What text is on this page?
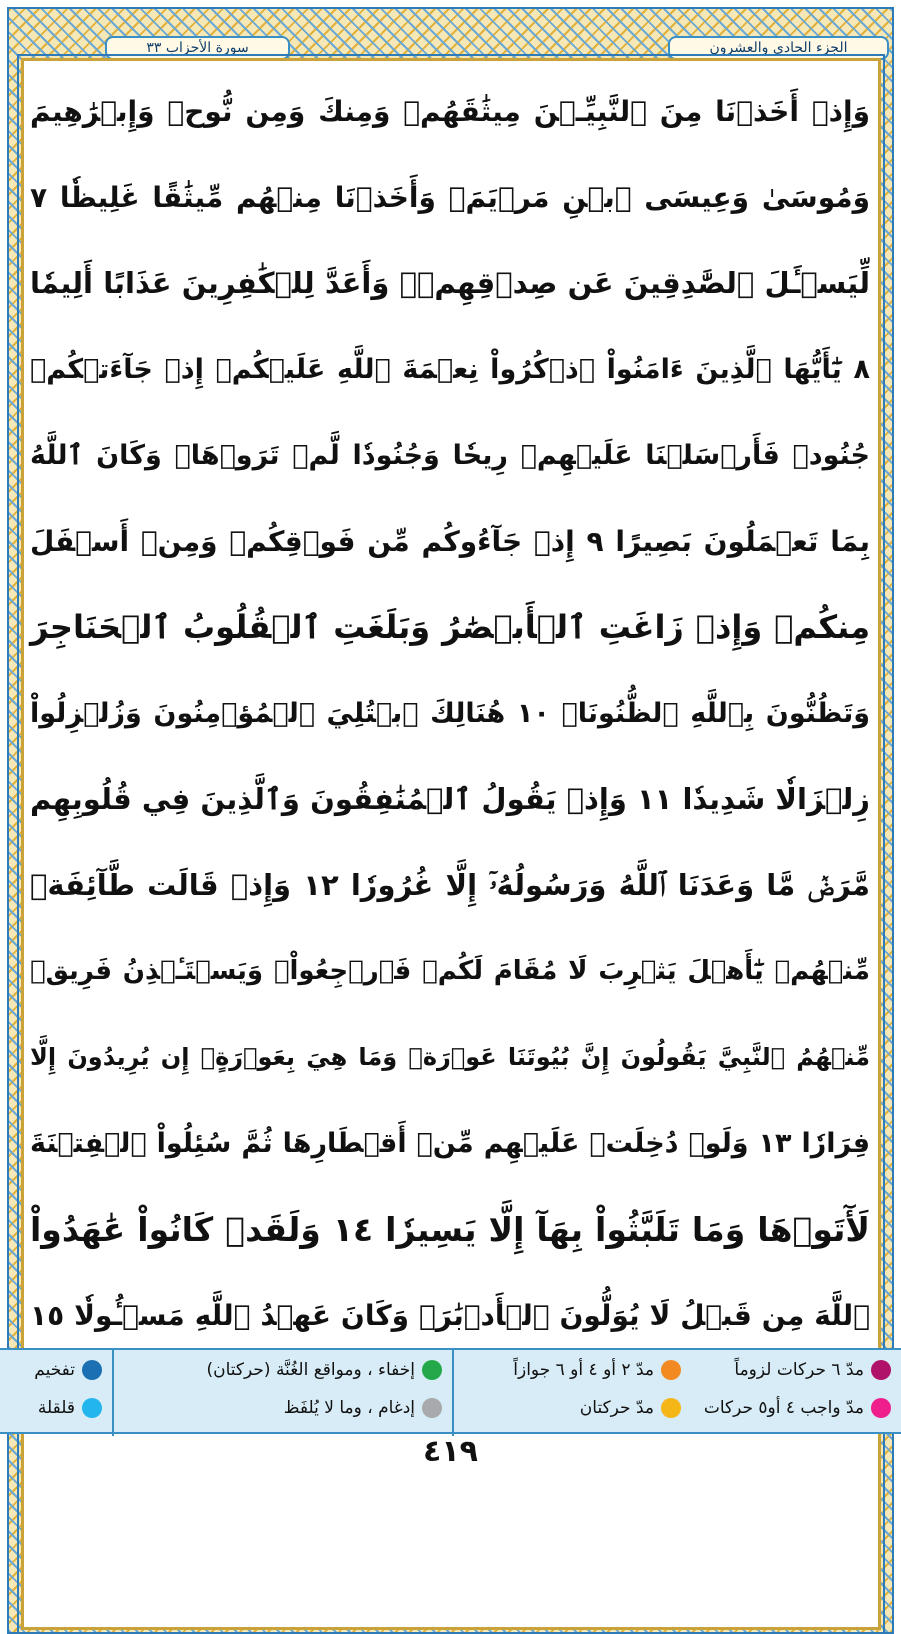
الجزء الحادي والعشرون
سورة الأحزاب ٣٣
وَإِذۡ أَخَذۡنَا مِنَ ٱلنَّبِيِّـۧنَ مِيثَٰقَهُمۡ وَمِنكَ وَمِن نُّوحٖ وَإِبۡرَٰهِيمَ
وَمُوسَىٰ وَعِيسَى ٱبۡنِ مَرۡيَمَۖ وَأَخَذۡنَا مِنۡهُم مِّيثَٰقًا غَلِيظٗا ٧
لِّيَسۡـَٔلَ ٱلصَّٰدِقِينَ عَن صِدۡقِهِمۡۚ وَأَعَدَّ لِلۡكَٰفِرِينَ عَذَابًا أَلِيمٗا
٨ يَٰٓأَيُّهَا ٱلَّذِينَ ءَامَنُواْ ٱذۡكُرُواْ نِعۡمَةَ ٱللَّهِ عَلَيۡكُمۡ إِذۡ جَآءَتۡكُمۡ
جُنُودٞ فَأَرۡسَلۡنَا عَلَيۡهِمۡ رِيحٗا وَجُنُودٗا لَّمۡ تَرَوۡهَاۚ وَكَانَ ٱللَّهُ
بِمَا تَعۡمَلُونَ بَصِيرًا ٩ إِذۡ جَآءُوكُم مِّن فَوۡقِكُمۡ وَمِنۡ أَسۡفَلَ
مِنكُمۡ وَإِذۡ زَاغَتِ ٱلۡأَبۡصَٰرُ وَبَلَغَتِ ٱلۡقُلُوبُ ٱلۡحَنَاجِرَ
وَتَظُنُّونَ بِٱللَّهِ ٱلظُّنُونَا۠ ١٠ هُنَالِكَ ٱبۡتُلِيَ ٱلۡمُؤۡمِنُونَ وَزُلۡزِلُواْ
زِلۡزَالٗا شَدِيدٗا ١١ وَإِذۡ يَقُولُ ٱلۡمُنَٰفِقُونَ وَٱلَّذِينَ فِي قُلُوبِهِم
مَّرَضٞ مَّا وَعَدَنَا ٱللَّهُ وَرَسُولُهُۥٓ إِلَّا غُرُورٗا ١٢ وَإِذۡ قَالَت طَّآئِفَةٞ
مِّنۡهُمۡ يَٰٓأَهۡلَ يَثۡرِبَ لَا مُقَامَ لَكُمۡ فَٱرۡجِعُواْۚ وَيَسۡتَـٔۡذِنُ فَرِيقٞ
مِّنۡهُمُ ٱلنَّبِيَّ يَقُولُونَ إِنَّ بُيُوتَنَا عَوۡرَةٞ وَمَا هِيَ بِعَوۡرَةٍۖ إِن يُرِيدُونَ إِلَّا
فِرَارٗا ١٣ وَلَوۡ دُخِلَتۡ عَلَيۡهِم مِّنۡ أَقۡطَارِهَا ثُمَّ سُئِلُواْ ٱلۡفِتۡنَةَ
لَأٓتَوۡهَا وَمَا تَلَبَّثُواْ بِهَآ إِلَّا يَسِيرٗا ١٤ وَلَقَدۡ كَانُواْ عَٰهَدُواْ
ٱللَّهَ مِن قَبۡلُ لَا يُوَلُّونَ ٱلۡأَدۡبَٰرَۚ وَكَانَ عَهۡدُ ٱللَّهِ مَسۡـُٔولٗا ١٥
مدّ ٦ حركات لزوماً
مدّ واجب ٤ أو٥ حركات
مدّ ٢ أو ٤ أو ٦ جوازاً
مدّ حركتان
إخفاء ، ومواقع الغُنَّة (حركتان)
إدغام ، وما لا يُلفَظ
تفخيم
قلقلة
٤١٩
